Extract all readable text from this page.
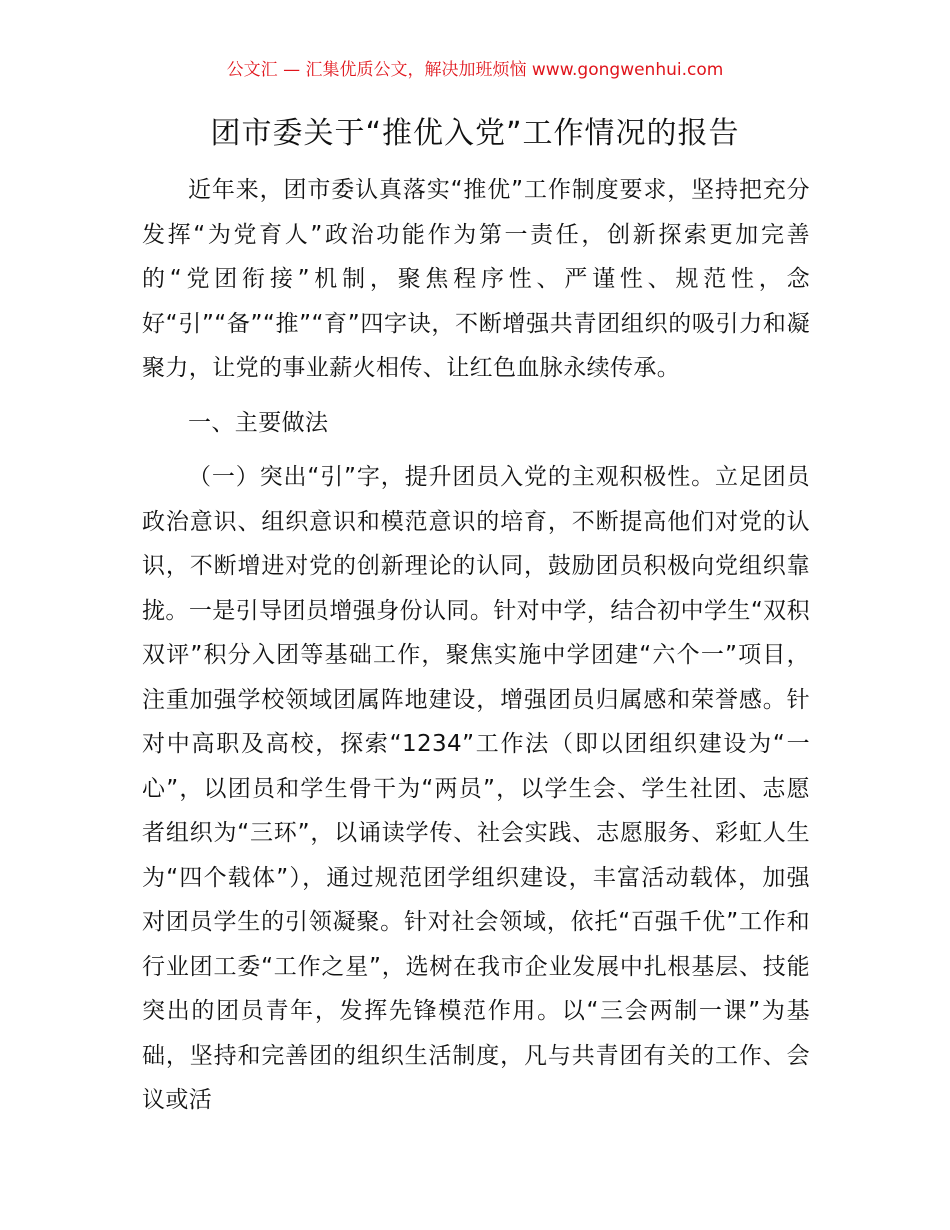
公文汇 — 汇集优质公文，解决加班烦恼 www.gongwenhui.com
团市委关于“推优入党”工作情况的报告

近年来，团市委认真落实“推优”工作制度要求，坚持把充分发挥“为党育人”政治功能作为第一责任，创新探索更加完善的“党团衔接”机制，聚焦程序性、严谨性、规范性，念好“引”“备”“推”“育”四字诀，不断增强共青团组织的吸引力和凝聚力，让党的事业薪火相传、让红色血脉永续传承。

一、主要做法

（一）突出“引”字，提升团员入党的主观积极性。立足团员政治意识、组织意识和模范意识的培育，不断提高他们对党的认识，不断增进对党的创新理论的认同，鼓励团员积极向党组织靠拢。一是引导团员增强身份认同。针对中学，结合初中学生“双积双评”积分入团等基础工作，聚焦实施中学团建“六个一”项目，注重加强学校领域团属阵地建设，增强团员归属感和荣誉感。针对中高职及高校，探索“1234”工作法（即以团组织建设为“一心”，以团员和学生骨干为“两员”，以学生会、学生社团、志愿者组织为“三环”，以诵读学传、社会实践、志愿服务、彩虹人生为“四个载体”），通过规范团学组织建设，丰富活动载体，加强对团员学生的引领凝聚。针对社会领域，依托“百强千优”工作和行业团工委“工作之星”，选树在我市企业发展中扎根基层、技能突出的团员青年，发挥先锋模范作用。以“三会两制一课”为基础，坚持和完善团的组织生活制度，凡与共青团有关的工作、会议或活
